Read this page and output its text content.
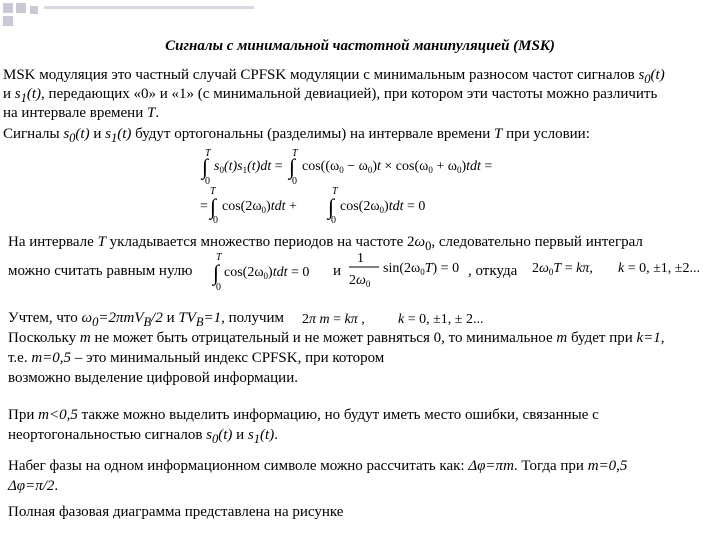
Сигналы с минимальной частотной манипуляцией (MSK)
MSK модуляция это частный случай CPFSK модуляции с минимальным разносом частот сигналов $s_0(t)$
и $s_1(t)$, передающих «0» и «1» (с минимальной девиацией), при котором эти частоты можно различить
на интервале времени T.
Сигналы $s_0(t)$ и $s_1(t)$ будут ортогональны (разделимы) на интервале времени T при условии:
T
∫
0
$s_0(t)s_1(t)dt$ =
T
∫
0
$\cos((\omega_0 - \omega_0)t \times \cos(\omega_0 + \omega_0)tdt$ =
T
= ∫
0
$\cos(2\omega_0)tdt$ +
T
∫
0
$\cos(2\omega_0)tdt = 0$
На интервале T укладывается множество периодов на частоте $2\omega_0$, следовательно первый интеграл
можно считать равным нулю
T
∫
0
$\cos(2\omega_0)tdt = 0$ и
1
$2\omega_0$
$\sin(2\omega_0T) = 0$ , откуда $2\omega_0T = k\pi$, k = 0, ±1, ±2...
Учтем, что $\omega_0=2\pi mV_B/2$ и $TV_B=1$, получим 2π m = kπ , k = 0, ±1, ± 2...
Поскольку m не может быть отрицательный и не может равняться 0, то минимальное m будет при k=1,
т.е. m=0,5 – это минимальный индекс CPFSK, при котором
возможно выделение цифровой информации.
При m<0,5 также можно выделить информацию, но будут иметь место ошибки, связанные с
неортогональностью сигналов $s_0(t)$ и $s_1(t)$.
Набег фазы на одном информационном символе можно рассчитать как: Δφ=πm. Тогда при m=0,5
Δφ=π/2.
Полная фазовая диаграмма представлена на рисунке
